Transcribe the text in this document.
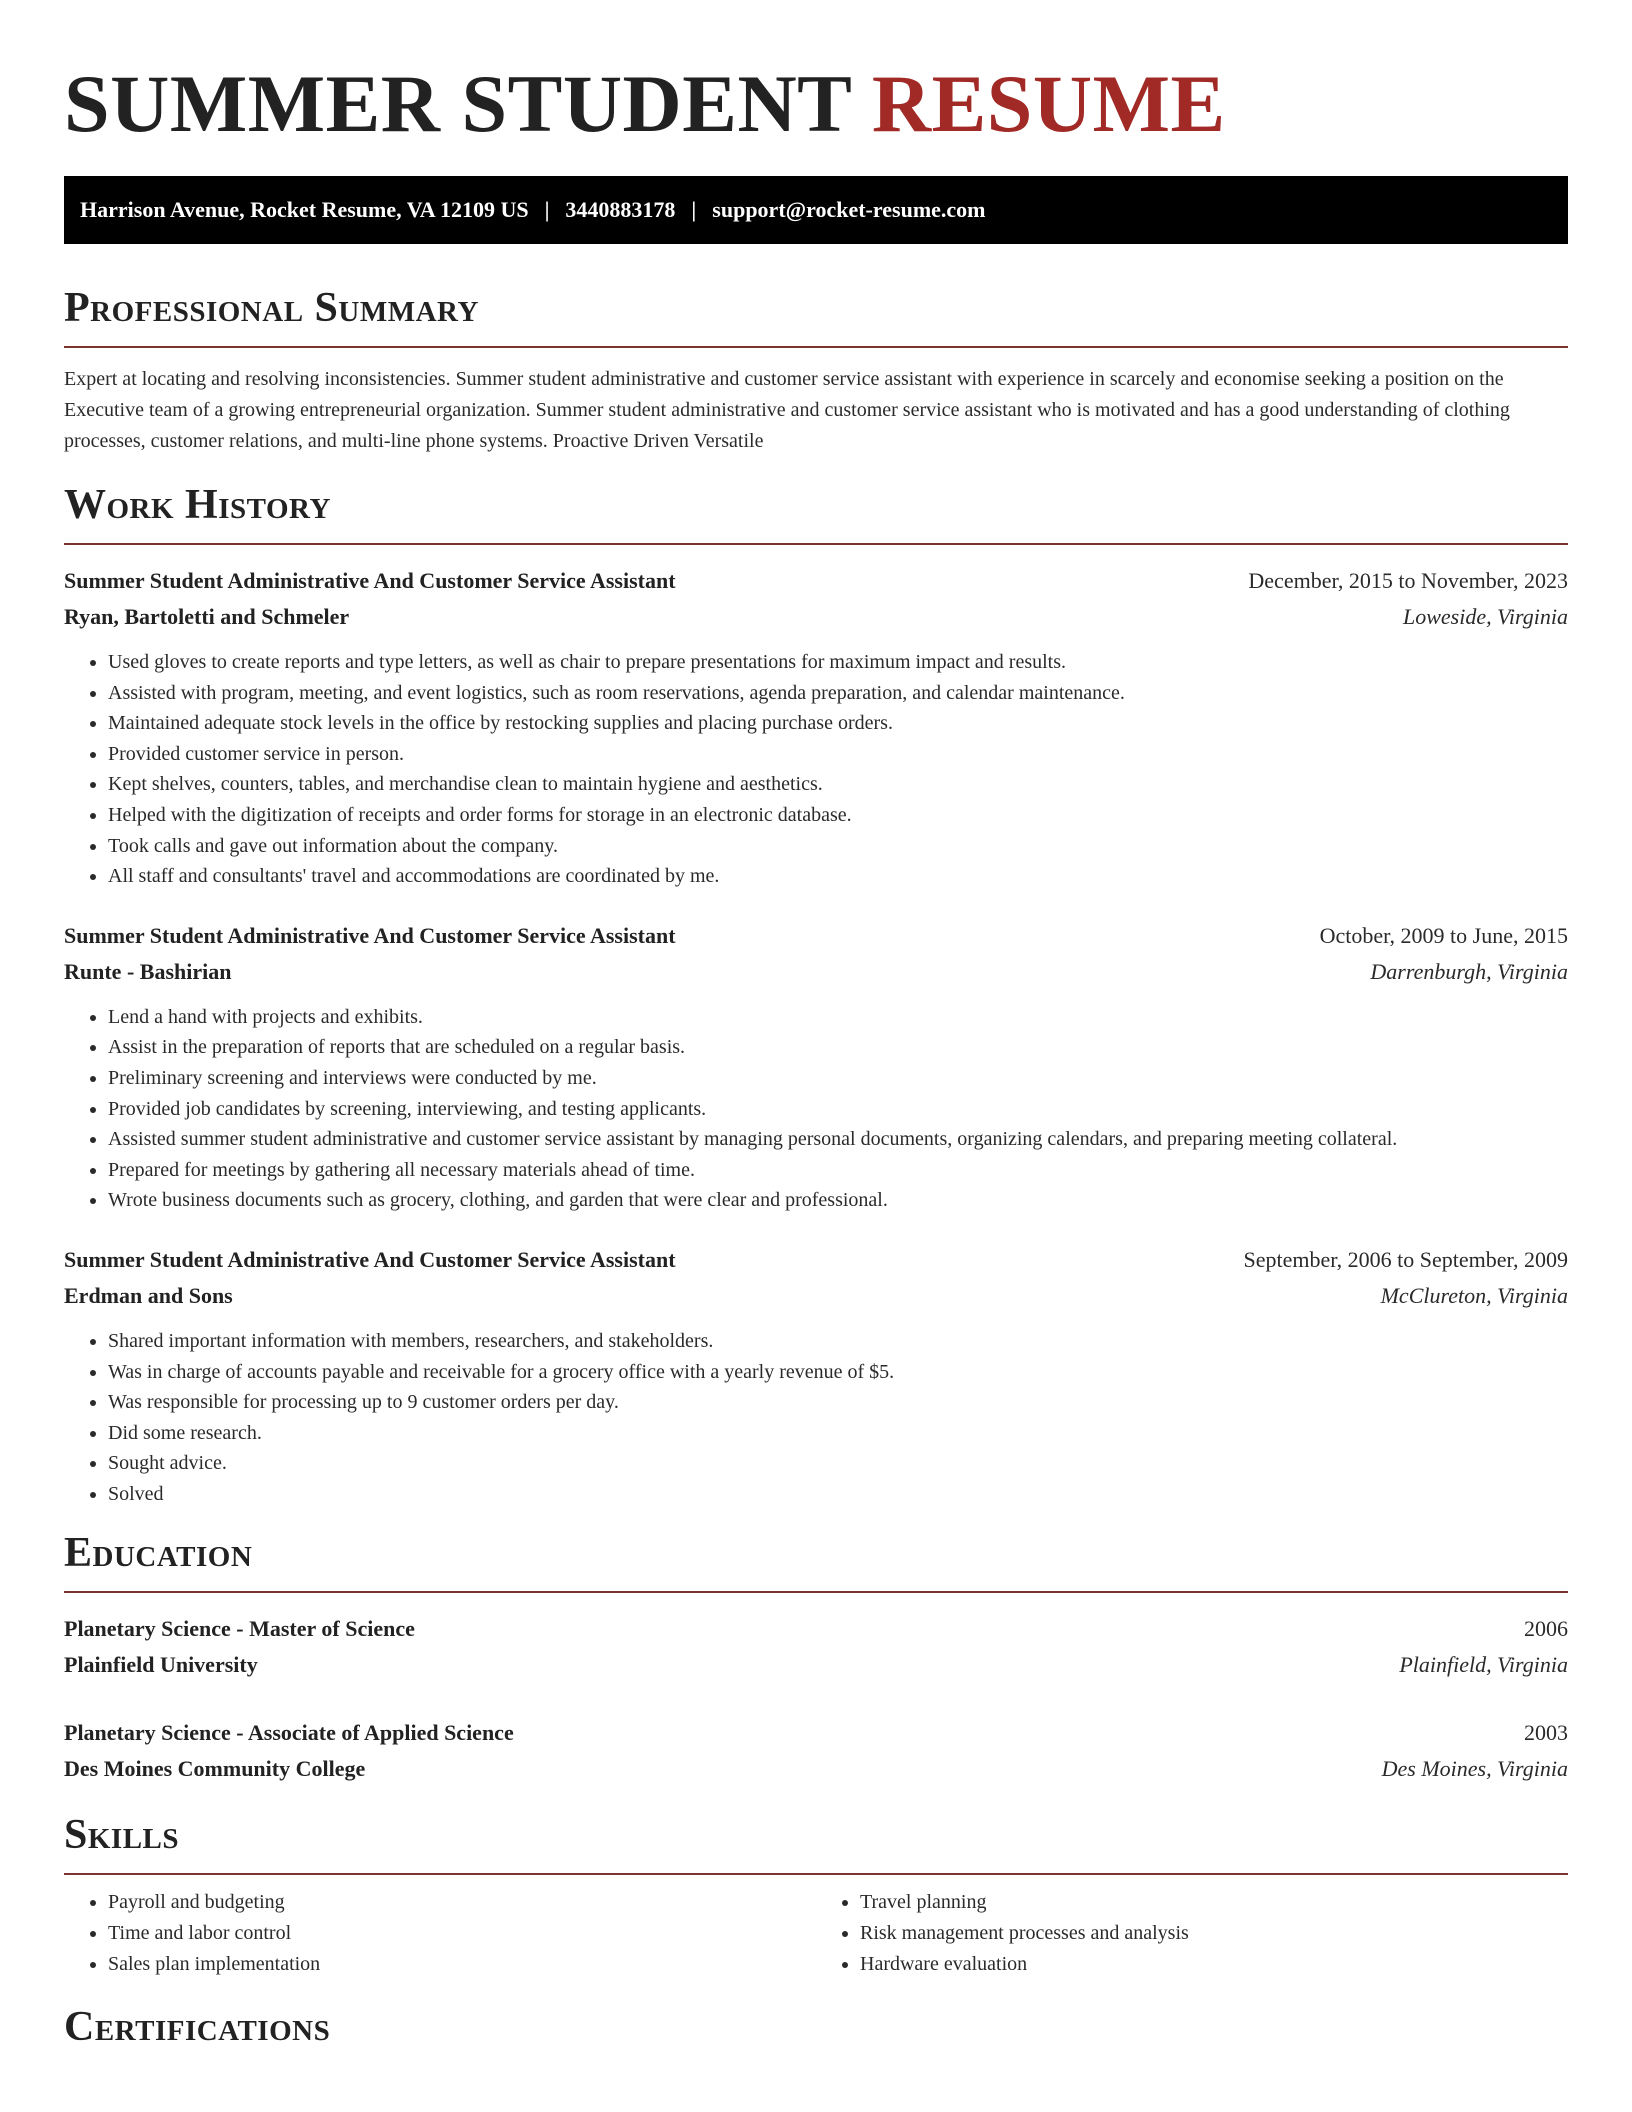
SUMMER STUDENT RESUME
Harrison Avenue, Rocket Resume, VA 12109 US | 3440883178 | support@rocket-resume.com
Professional Summary

Expert at locating and resolving inconsistencies. Summer student administrative and customer service assistant with experience in scarcely and economise seeking a position on the Executive team of a growing entrepreneurial organization. Summer student administrative and customer service assistant who is motivated and has a good understanding of clothing processes, customer relations, and multi-line phone systems. Proactive Driven Versatile

Work History
Summer Student Administrative And Customer Service Assistant	December, 2015 to November, 2023
Ryan, Bartoletti and Schmeler	Loweside, Virginia
• Used gloves to create reports and type letters, as well as chair to prepare presentations for maximum impact and results.
• Assisted with program, meeting, and event logistics, such as room reservations, agenda preparation, and calendar maintenance.
• Maintained adequate stock levels in the office by restocking supplies and placing purchase orders.
• Provided customer service in person.
• Kept shelves, counters, tables, and merchandise clean to maintain hygiene and aesthetics.
• Helped with the digitization of receipts and order forms for storage in an electronic database.
• Took calls and gave out information about the company.
• All staff and consultants' travel and accommodations are coordinated by me.
Summer Student Administrative And Customer Service Assistant	October, 2009 to June, 2015
Runte - Bashirian	Darrenburgh, Virginia
• Lend a hand with projects and exhibits.
• Assist in the preparation of reports that are scheduled on a regular basis.
• Preliminary screening and interviews were conducted by me.
• Provided job candidates by screening, interviewing, and testing applicants.
• Assisted summer student administrative and customer service assistant by managing personal documents, organizing calendars, and preparing meeting collateral.
• Prepared for meetings by gathering all necessary materials ahead of time.
• Wrote business documents such as grocery, clothing, and garden that were clear and professional.
Summer Student Administrative And Customer Service Assistant	September, 2006 to September, 2009
Erdman and Sons	McClureton, Virginia
• Shared important information with members, researchers, and stakeholders.
• Was in charge of accounts payable and receivable for a grocery office with a yearly revenue of $5.
• Was responsible for processing up to 9 customer orders per day.
• Did some research.
• Sought advice.
• Solved
Education
Planetary Science - Master of Science	2006
Plainfield University	Plainfield, Virginia
Planetary Science - Associate of Applied Science	2003
Des Moines Community College	Des Moines, Virginia
Skills
• Payroll and budgeting
• Time and labor control
• Sales plan implementation
• Travel planning
• Risk management processes and analysis
• Hardware evaluation
Certifications
